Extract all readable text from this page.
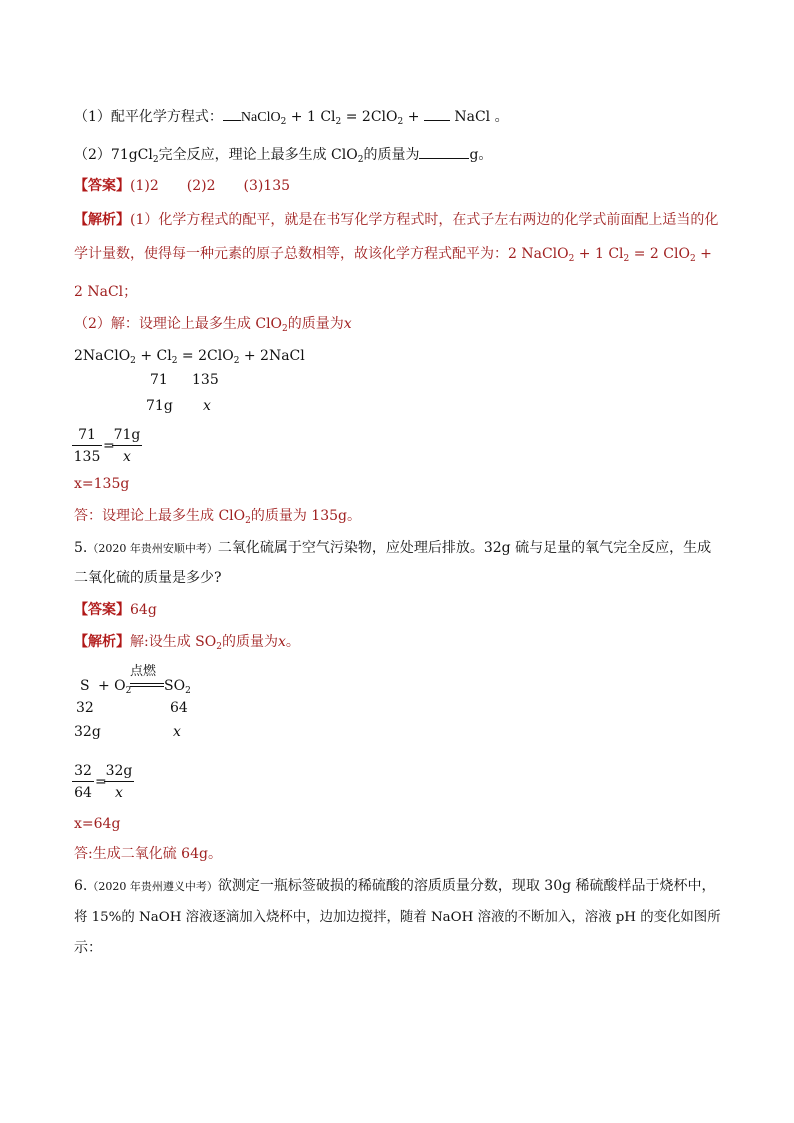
（1）配平化学方程式： NaClO$_2$ + 1 $Cl_2 = 2ClO_2$ + NaCl 。
（2）71gCl$_2$完全反应，理论上最多生成 ClO$_2$的质量为	g。
【答案】(1)2　　(2)2　　(3)135
【解析】(1）化学方程式的配平，就是在书写化学方程式时，在式子左右两边的化学式前面配上适当的化
学计量数，使得每一种元素的原子总数相等，故该化学方程式配平为：2 NaClO$_2$ + 1 $Cl_2 = 2$ ClO$_2$ +
2 NaCl；
（2）解：设理论上最多生成 ClO$_2$的质量为x
2NaClO$_2$ + $Cl_2 = 2ClO_2$ + 2NaCl
71 135
71g x
71
135
=
71g
x
x=135g
答：设理论上最多生成 ClO$_2$的质量为 135g。
5.（2020 年贵州安顺中考）二氧化硫属于空气污染物，应处理后排放。32g 硫与足量的氧气完全反应，生成
二氧化硫的质量是多少?
【答案】64g
【解析】解:设生成 $SO_2$的质量为x。
$S + O_2$
点燃
$SO_2$
32	64
32g	x
32
64
=
32g
x
x=64g
答:生成二氧化硫 64g。
6.（2020 年贵州遵义中考）欲测定一瓶标签破损的稀硫酸的溶质质量分数，现取 30g 稀硫酸样品于烧杯中，
将 15%的 NaOH 溶液逐滴加入烧杯中，边加边搅拌，随着 NaOH 溶液的不断加入，溶液 pH 的变化如图所
示：
